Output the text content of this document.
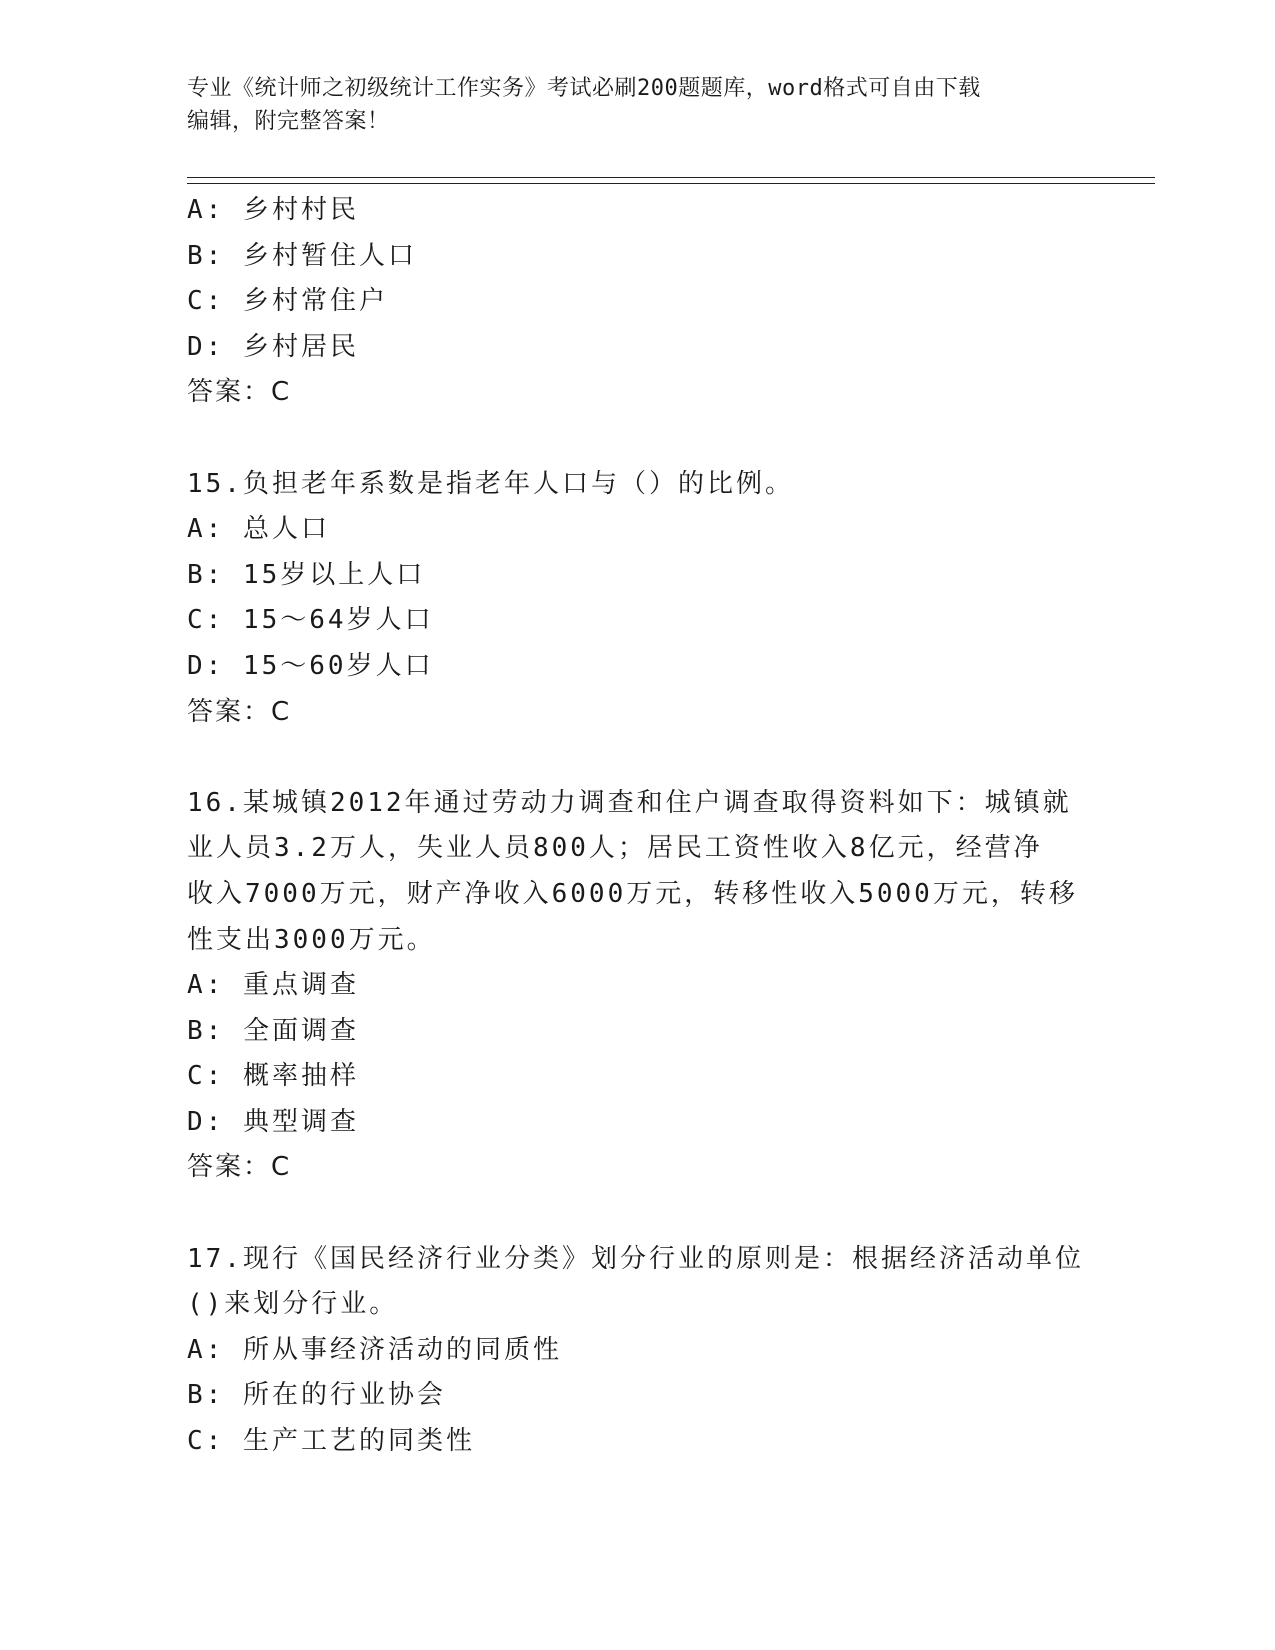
专业《统计师之初级统计工作实务》考试必刷200题题库，word格式可自由下载
编辑，附完整答案！
A: 乡村村民
B: 乡村暂住人口
C: 乡村常住户
D: 乡村居民
答案：C
15.负担老年系数是指老年人口与（）的比例。
A: 总人口
B: 15岁以上人口
C: 15～64岁人口
D: 15～60岁人口
答案：C
16.某城镇2012年通过劳动力调查和住户调查取得资料如下：城镇就
业人员3.2万人，失业人员800人；居民工资性收入8亿元，经营净
收入7000万元，财产净收入6000万元，转移性收入5000万元，转移
性支出3000万元。
A: 重点调查
B: 全面调查
C: 概率抽样
D: 典型调查
答案：C
17.现行《国民经济行业分类》划分行业的原则是：根据经济活动单位
()来划分行业。
A: 所从事经济活动的同质性
B: 所在的行业协会
C: 生产工艺的同类性
